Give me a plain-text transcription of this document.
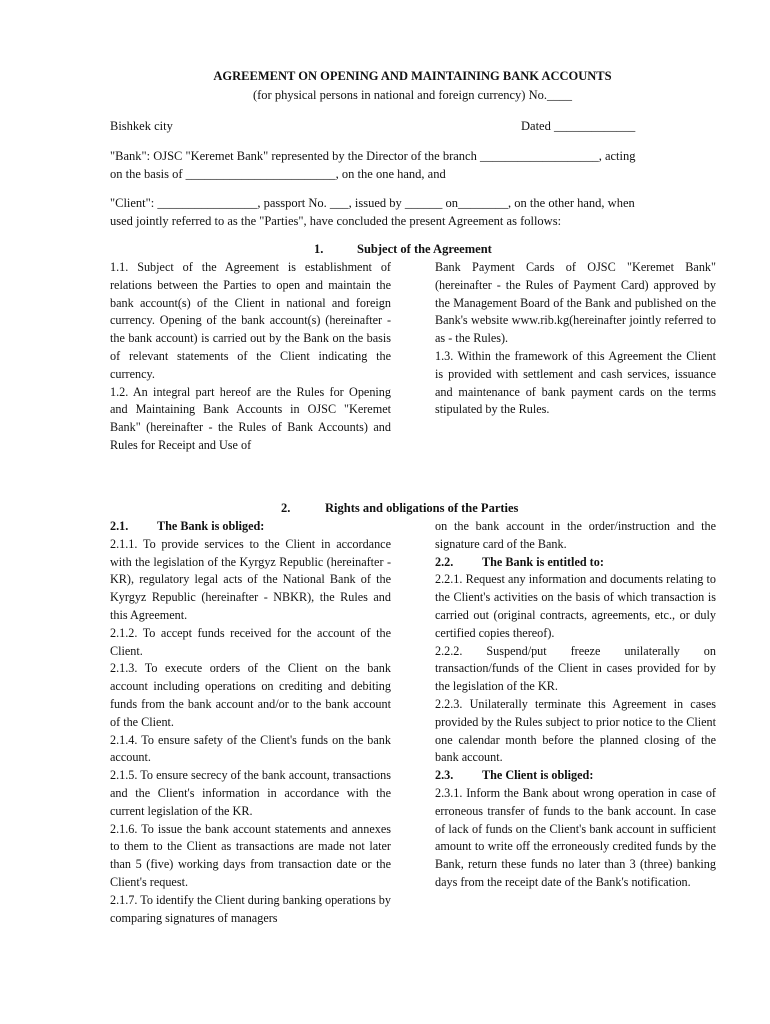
AGREEMENT ON OPENING AND MAINTAINING BANK ACCOUNTS
(for physical persons in national and foreign currency) No.____
Bishkek city	Dated _____________
"Bank": OJSC "Keremet Bank" represented by the Director of the branch ___________________, acting
on the basis of ________________________, on the one hand, and
"Client": ________________, passport No. ___, issued by ______ on________, on the other hand, when
used jointly referred to as the "Parties", have concluded the present Agreement as follows:
1.	Subject of the Agreement

1.1. Subject of the Agreement is establishment of relations between the Parties to open and maintain the bank account(s) of the Client in national and foreign currency. Opening of the bank account(s) (hereinafter - the bank account) is carried out by the Bank on the basis of relevant statements of the Client indicating the currency.

1.2. An integral part hereof are the Rules for Opening and Maintaining Bank Accounts in OJSC "Keremet Bank" (hereinafter - the Rules of Bank Accounts) and Rules for Receipt and Use of

Bank Payment Cards of OJSC "Keremet Bank" (hereinafter - the Rules of Payment Card) approved by the Management Board of the Bank and published on the Bank's website www.rib.kg(hereinafter jointly referred to as - the Rules).

1.3. Within the framework of this Agreement the Client is provided with settlement and cash services, issuance and maintenance of bank payment cards on the terms stipulated by the Rules.

2.	Rights and obligations of the Parties

2.1. The Bank is obliged:

2.1.1. To provide services to the Client in accordance with the legislation of the Kyrgyz Republic (hereinafter - KR), regulatory legal acts of the National Bank of the Kyrgyz Republic (hereinafter - NBKR), the Rules and this Agreement.

2.1.2. To accept funds received for the account of the Client.

2.1.3. To execute orders of the Client on the bank account including operations on crediting and debiting funds from the bank account and/or to the bank account of the Client.

2.1.4. To ensure safety of the Client's funds on the bank account.

2.1.5. To ensure secrecy of the bank account, transactions and the Client's information in accordance with the current legislation of the KR.

2.1.6. To issue the bank account statements and annexes to them to the Client as transactions are made not later than 5 (five) working days from transaction date or the Client's request.

2.1.7. To identify the Client during banking operations by comparing signatures of managers

on the bank account in the order/instruction and the signature card of the Bank.

2.2. The Bank is entitled to:

2.2.1. Request any information and documents relating to the Client's activities on the basis of which transaction is carried out (original contracts, agreements, etc., or duly certified copies thereof).

2.2.2. Suspend/put freeze unilaterally on transaction/funds of the Client in cases provided for by the legislation of the KR.

2.2.3. Unilaterally terminate this Agreement in cases provided by the Rules subject to prior notice to the Client one calendar month before the planned closing of the bank account.

2.3. The Client is obliged:

2.3.1. Inform the Bank about wrong operation in case of erroneous transfer of funds to the bank account. In case of lack of funds on the Client's bank account in sufficient amount to write off the erroneously credited funds by the Bank, return these funds no later than 3 (three) banking days from the receipt date of the Bank's notification.
